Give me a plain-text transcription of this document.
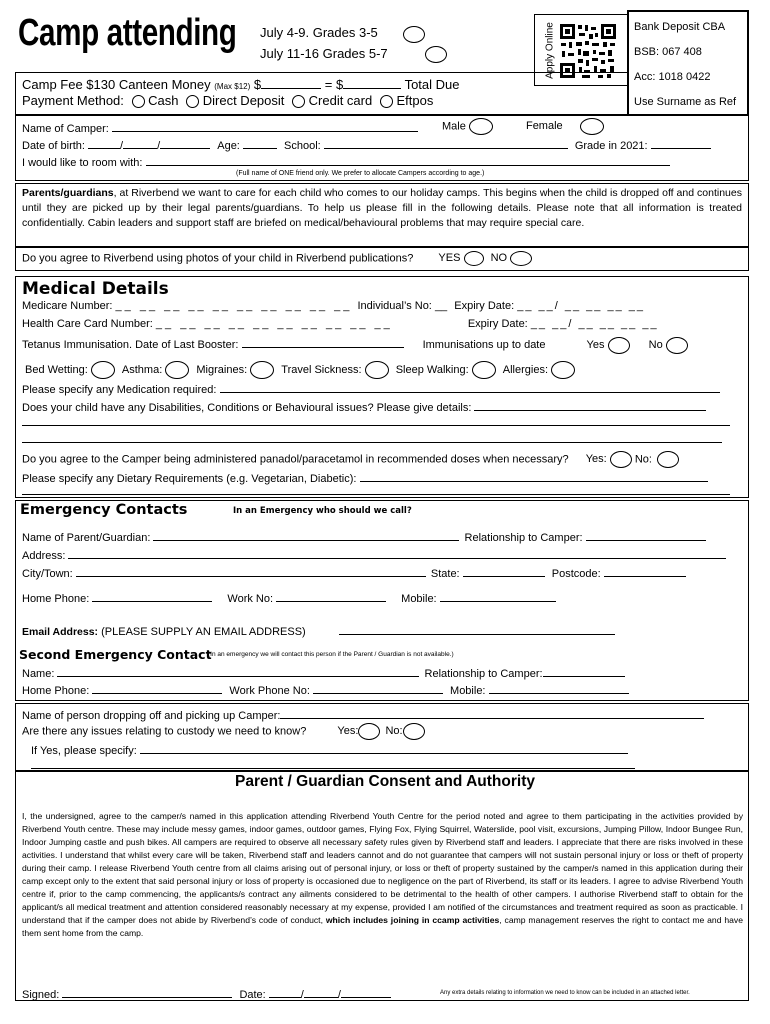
Camp attending July 4-9. Grades 3-5
July 11-16 Grades 5-7	Apply Online	Bank Deposit CBA
BSB: 067 408
Acc: 1018 0422
Use Surname as Ref
Camp Fee $130 Canteen Money (Max $12) $	= $	Total Due
Payment Method: Cash Direct Deposit Credit card Eftpos
Name of Camper:	Male	Female
Date of birth:	/	/	Age:	School:	Grade in 2021:
I would like to room with:
(Full name of ONE friend only. We prefer to allocate Campers according to age.)
Parents/guardians, at Riverbend we want to care for each child who comes to our holiday camps. This begins when the child is dropped off and continues until they are picked up by their legal parents/guardians. To help us please fill in the following details. Please note that all information is treated confidentially. Cabin leaders and support staff are briefed on medical/behavioural problems that may require special care.
Do you agree to Riverbend using photos of your child in Riverbend publications? YES	NO
Medical Details
Medicare Number: __ __ __ __ __ __ __ __ __ __ Individual’s No: __ Expiry Date: __ __/ __ __ __ __
Health Care Card Number: __ __ __ __ __ __ __ __ __ __	Expiry Date: __ __/ __ __ __ __
Tetanus Immunisation. Date of Last Booster:	Immunisations up to date	Yes	No
Bed Wetting:	Asthma:	Migraines:	Travel Sickness:	Sleep Walking:	Allergies:
Please specify any Medication required:
Does your child have any Disabilities, Conditions or Behavioural issues? Please give details:
Do you agree to the Camper being administered panadol/paracetamol in recommended doses when necessary? Yes:	No:
Please specify any Dietary Requirements (e.g. Vegetarian, Diabetic):
Emergency Contacts	In an Emergency who should we call?
Name of Parent/Guardian:	Relationship to Camper:
Address:
City/Town:	State:	Postcode:
Home Phone:	Work No:	Mobile:
Email Address: (PLEASE SUPPLY AN EMAIL ADDRESS)
Second Emergency Contact
(In an emergency we will contact this person if the Parent / Guardian is not available.)
Name:	Relationship to Camper:
Home Phone:	Work Phone No:	Mobile:
Name of person dropping off and picking up Camper:
Are there any issues relating to custody we need to know?	Yes: No:
If Yes, please specify:
Parent / Guardian Consent and Authority
I, the undersigned, agree to the camper/s named in this application attending Riverbend Youth Centre for the period noted and agree to them participating in the activities provided by Riverbend Youth centre. These may include messy games, indoor games, outdoor games, Flying Fox, Flying Squirrel, Waterslide, pool visit, excursions, Jumping Pillow, Indoor Bungee Run, Indoor Jumping castle and push bikes. All campers are required to observe all necessary safety rules given by Riverbend staff and leaders. I appreciate that there are risks involved in these activities. I understand that whilst every care will be taken, Riverbend staff and leaders cannot and do not guarantee that campers will not sustain personal injury or loss or theft of property during their camp. I release Riverbend Youth centre from all claims arising out of personal injury, or loss or theft of property sustained by the camper/s named in this application during their camp except only to the extent that said personal injury or loss of property is occasioned due to negligence on the part of Riverbend, its staff or its leaders. I agree to advise Riverbend Youth centre if, prior to the camp commencing, the applicants/s contract any ailments considered to be detrimental to the health of other campers. I authorise Riverbend staff to obtain for the applicant/s all medical treatment and attention considered reasonably necessary at my expense, provided I am notified of the circumstances and treatment required as soon as practicable. I understand that if the camper does not abide by Riverbend’s code of conduct, which includes joining in ccamp activities, camp management reserves the right to contact me and have them sent home from the camp.
Signed:	Date:	/	/	Any extra details relating to information we need to know can be included in an attached letter.
